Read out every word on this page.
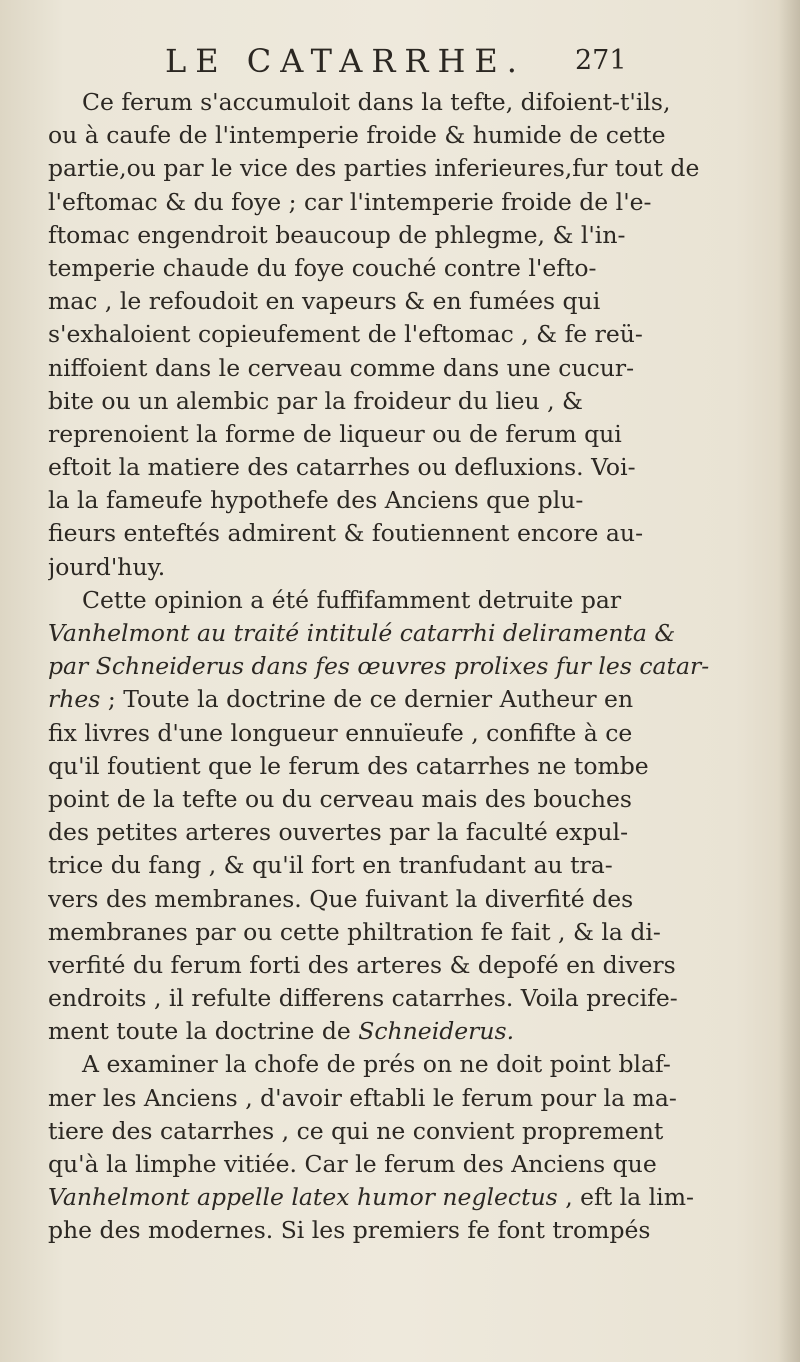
LE CATARRHE.	271
Ce ferum s'accumuloit dans la tefte, difoient-t'ils,
ou à caufe de l'intemperie froide & humide de cette
partie,ou par le vice des parties inferieures,fur tout de
l'eftomac & du foye ; car l'intemperie froide de l'e-
ftomac engendroit beaucoup de phlegme, & l'in-
temperie chaude du foye couché contre l'efto-
mac , le refoudoit en vapeurs & en fumées qui
s'exhaloient copieufement de l'eftomac , & fe reü-
niffoient dans le cerveau comme dans une cucur-
bite ou un alembic par la froideur du lieu , &
reprenoient la forme de liqueur ou de ferum qui
eftoit la matiere des catarrhes ou defluxions. Voi-
la la fameufe hypothefe des Anciens que plu-
fieurs enteftés admirent & foutiennent encore au-
jourd'huy.
Cette opinion a été fuffifamment detruite par
Vanhelmont au traité intitulé catarrhi deliramenta &
par Schneiderus dans fes œuvres prolixes fur les catar-
rhes ; Toute la doctrine de ce dernier Autheur en
fix livres d'une longueur ennuïeufe , confifte à ce
qu'il foutient que le ferum des catarrhes ne tombe
point de la tefte ou du cerveau mais des bouches
des petites arteres ouvertes par la faculté expul-
trice du fang , & qu'il fort en tranfudant au tra-
vers des membranes. Que fuivant la diverfité des
membranes par ou cette philtration fe fait , & la di-
verfité du ferum forti des arteres & depofé en divers
endroits , il refulte differens catarrhes. Voila precife-
ment toute la doctrine de Schneiderus.
A examiner la chofe de prés on ne doit point blaf-
mer les Anciens , d'avoir eftabli le ferum pour la ma-
tiere des catarrhes , ce qui ne convient proprement
qu'à la limphe vitiée. Car le ferum des Anciens que
Vanhelmont appelle latex humor neglectus , eft la lim-
phe des modernes. Si les premiers fe font trompés
